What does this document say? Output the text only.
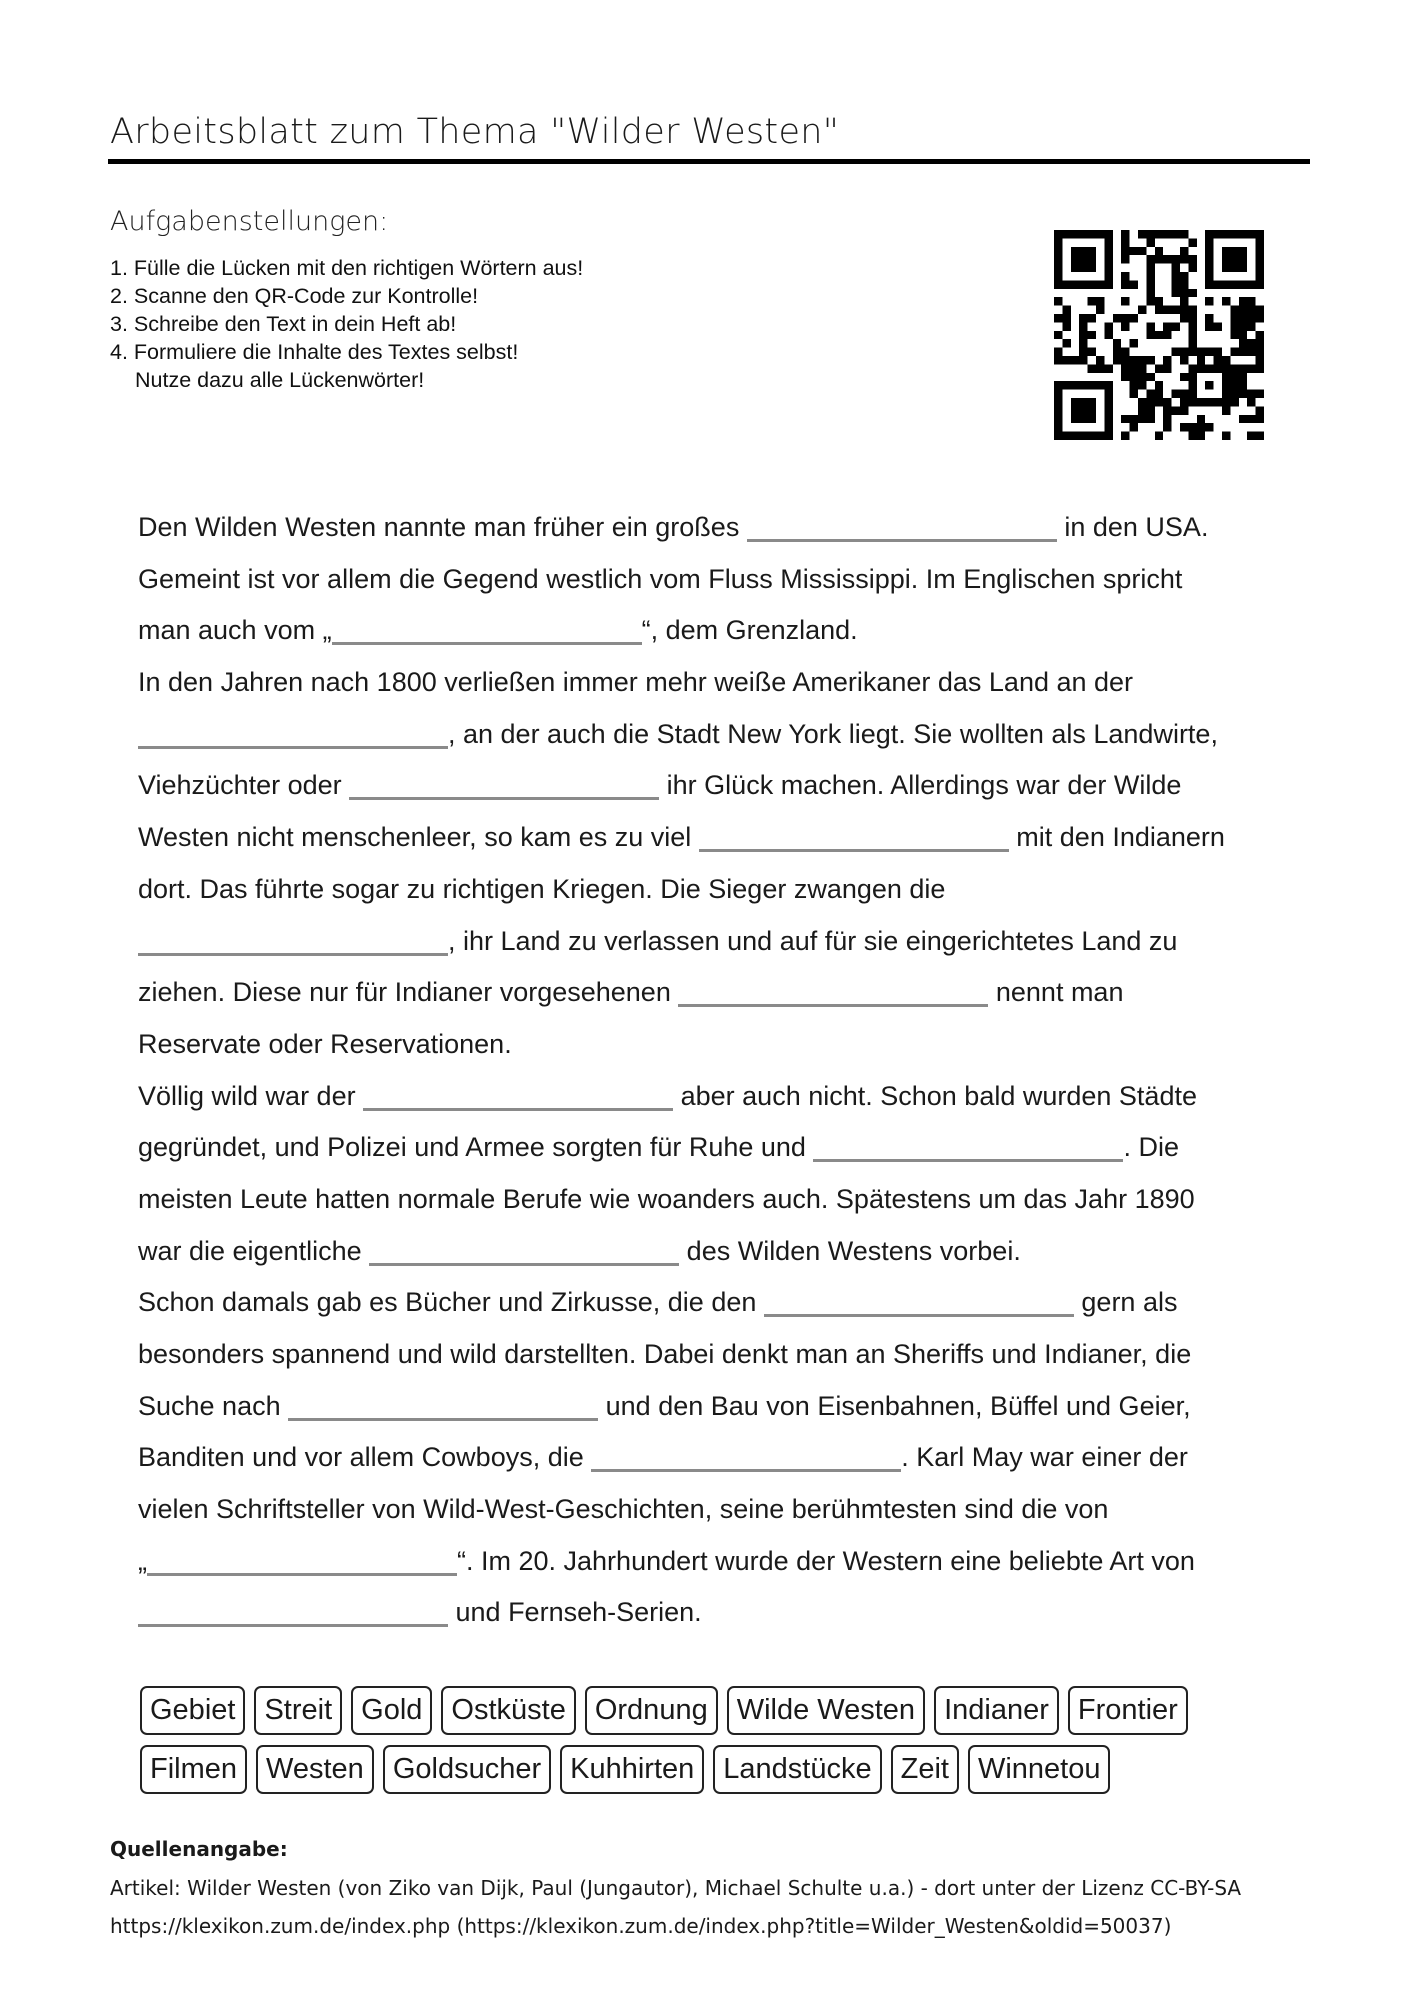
Arbeitsblatt zum Thema "Wilder Westen"
Aufgabenstellungen:
1. Fülle die Lücken mit den richtigen Wörtern aus!
2. Scanne den QR-Code zur Kontrolle!
3. Schreibe den Text in dein Heft ab!
4. Formuliere die Inhalte des Textes selbst!
Nutze dazu alle Lückenwörter!
Den Wilden Westen nannte man früher ein großes	in den USA.
Gemeint ist vor allem die Gegend westlich vom Fluss Mississippi. Im Englischen spricht
man auch vom „	“, dem Grenzland.
In den Jahren nach 1800 verließen immer mehr weiße Amerikaner das Land an der
, an der auch die Stadt New York liegt. Sie wollten als Landwirte,
Viehzüchter oder	ihr Glück machen. Allerdings war der Wilde
Westen nicht menschenleer, so kam es zu viel	mit den Indianern
dort. Das führte sogar zu richtigen Kriegen. Die Sieger zwangen die
, ihr Land zu verlassen und auf für sie eingerichtetes Land zu
ziehen. Diese nur für Indianer vorgesehenen	nennt man
Reservate oder Reservationen.
Völlig wild war der	aber auch nicht. Schon bald wurden Städte
gegründet, und Polizei und Armee sorgten für Ruhe und	. Die
meisten Leute hatten normale Berufe wie woanders auch. Spätestens um das Jahr 1890
war die eigentliche	des Wilden Westens vorbei.
Schon damals gab es Bücher und Zirkusse, die den	gern als
besonders spannend und wild darstellten. Dabei denkt man an Sheriffs und Indianer, die
Suche nach	und den Bau von Eisenbahnen, Büffel und Geier,
Banditen und vor allem Cowboys, die	. Karl May war einer der
vielen Schriftsteller von Wild-West-Geschichten, seine berühmtesten sind die von
„	“. Im 20. Jahrhundert wurde der Western eine beliebte Art von
und Fernseh-Serien.
Gebiet	Streit	Gold	Ostküste	Ordnung	Wilde Westen	Indianer	Frontier
Filmen	Westen	Goldsucher	Kuhhirten	Landstücke	Zeit	Winnetou
Quellenangabe:
Artikel: Wilder Westen (von Ziko van Dijk, Paul (Jungautor), Michael Schulte u.a.) - dort unter der Lizenz CC-BY-SA
https://klexikon.zum.de/index.php (https://klexikon.zum.de/index.php?title=Wilder_Westen&oldid=50037)
